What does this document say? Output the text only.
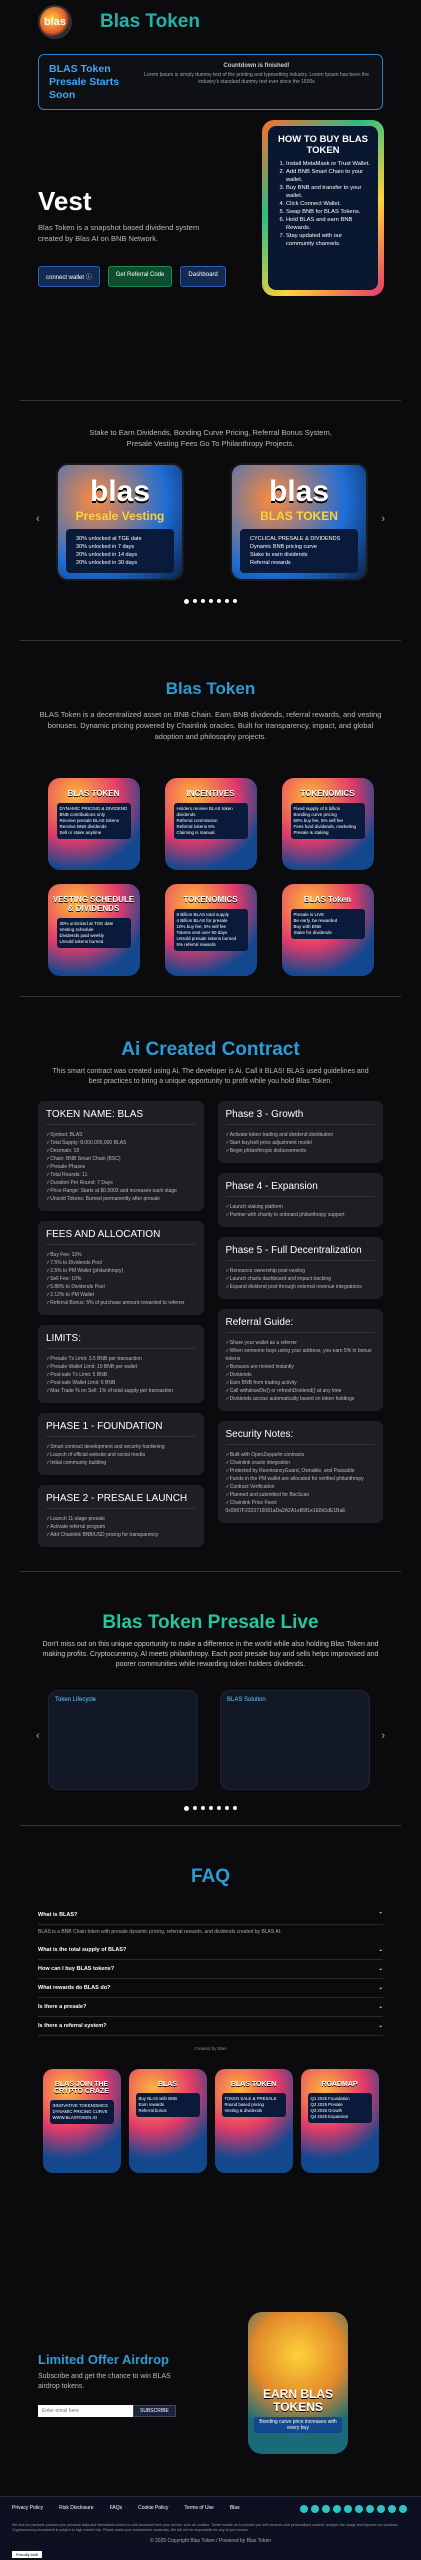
blas	Blas Token
BLAS Token Presale Starts Soon
Countdown is finished!
Lorem Ipsum is simply dummy text of the printing and typesetting industry. Lorem Ipsum has been the industry's standard dummy text ever since the 1500s
Vest
Blas Token is a snapshot based dividend system created by Blas AI on BNB Network.
connect wallet ⓘ	Get Referral Code	Dashboard
HOW TO BUY BLAS TOKEN
1. Install MetaMask or Trust Wallet.
2. Add BNB Smart Chain to your wallet.
3. Buy BNB and transfer to your wallet.
4. Click Connect Wallet.
5. Swap BNB for BLAS Tokens.
6. Hold BLAS and earn BNB Rewards.
7. Stay updated with our community channels.
Stake to Earn Dividends, Bonding Curve Pricing, Referral Bonus System, Presale Vesting Fees Go To Philanthropy Projects.
‹
blas
Presale Vesting
30% unlocked at TGE date
30% unlocked in 7 days
20% unlocked in 14 days
20% unlocked in 30 days
blas
BLAS TOKEN
CYCLICAL PRESALE & DIVIDENDS
Dynamic BNB pricing curve
Stake to earn dividends
Referral rewards
›
Blas Token
BLAS Token is a decentralized asset on BNB Chain. Earn BNB dividends, referral rewards, and vesting bonuses. Dynamic pricing powered by Chainlink oracles. Built for transparency, impact, and global adoption and philosophy projects.
BLAS TOKEN
DYNAMIC PRICING & DIVIDEND
BNB contributions only
Receive presale BLAS tokens
Receive BNB dividends
Sell or stake anytime
INCENTIVES
Holders receive BLAS token dividends
Referral commission
Referral tokens 5%
Claiming is manual
TOKENOMICS
Fixed supply of 8 billion
Bonding curve pricing
50% buy fee, 5% sell fee
Fees fund dividends, marketing
Presale & staking
VESTING SCHEDULE & DIVIDENDS
30% unlocked at TGE date
Vesting schedule
Dividends paid weekly
Unsold tokens burned
TOKENOMICS
8 Billion BLAS total supply
4 Billion BLAS for presale
10% buy fee, 5% sell fee
Tokens vest over 90 days
Unsold presale tokens burned
5% referral rewards
BLAS Token
Presale is LIVE
Be early, be rewarded
Buy with BNB
Stake for dividends
Ai Created Contract
This smart contract was created using Ai. The developer is Ai. Call it BLAS! BLAS used guidelines and best practices to bring a unique opportunity to profit while you hold Blas Token.
TOKEN NAME: BLAS
✓ Symbol: BLAS
✓ Total Supply: 8,000,000,000 BLAS
✓ Decimals: 18
✓ Chain: BNB Smart Chain (BSC)
✓ Presale Phases
✓ Total Rounds: 11
✓ Duration Per Round: 7 Days
✓ Price Range: Starts at $0.0003 and increases each stage
✓ Unsold Tokens: Burned permanently after presale
FEES AND ALLOCATION
✓ Buy Fee: 10%
✓ 7.5% to Dividends Pool
✓ 2.5% to PM Wallet (philanthropy)
✓ Sell Fee: 10%
✓ 5.88% to Dividends Pool
✓ 2.12% to PM Wallet
✓ Referral Bonus: 5% of purchase amount rewarded to referrer
LIMITS:
✓ Presale Tx Limit: 3.5 BNB per transaction
✓ Presale Wallet Limit: 10 BNB per wallet
✓ Post-sale Tx Limit: 5 BNB
✓ Post-sale Wallet Limit: 6 BNB
✓ Max Trade % on Sell: 1% of total supply per transaction
PHASE 1 - FOUNDATION
✓ Smart contract development and security hardening
✓ Launch of official website and social media
✓ Initial community building
PHASE 2 - PRESALE LAUNCH
✓ Launch 11-stage presale
✓ Activate referral program
✓ Add Chainlink BNB/USD pricing for transparency
Phase 3 - Growth
✓ Activate token trading and dividend distribution
✓ Start buy/sell price adjustment model
✓ Begin philanthropic disbursements
Phase 4 - Expansion
✓ Launch staking platform
✓ Partner with charity to onboard philanthropy support
Phase 5 - Full Decentralization
✓ Renounce ownership post-vesting
✓ Launch charts dashboard and impact tracking
✓ Expand dividend pool through external revenue integrations
Referral Guide:
✓ Share your wallet as a referrer
✓ When someone buys using your address, you earn 5% in bonus tokens
✓ Bonuses are minted instantly
✓ Dividends
✓ Earn BNB from trading activity
✓ Call withdrawDiv() or refreshDividend() at any time
✓ Dividends accrue automatically based on token holdings
Security Notes:
✓ Built with OpenZeppelin contracts
✓ Chainlink oracle integration
✓ Protected by ReentrancyGuard, Ownable, and Pausable
✓ Funds in the PM wallet are allocated for verified philanthropy
✓ Contract Verification
✓ Planned and submitted for BscScan
✓ Chainlink Price Feed: 0x0567F2323716081aDa2A2A1eB9f1e1E8d1dE1BaE
Blas Token Presale Live
Don't miss out on this unique opportunity to make a difference in the world while also holding Blas Token and making profits. Cryptocurrency, AI meets philanthropy. Each post presale buy and sells helps improvised and poorer communities while rewarding token holders dividends.
‹
Token Lifecycle	BLAS Solution
›
FAQ
What is BLAS?	⌃
BLAS is a BNB Chain token with presale dynamic pricing, referral rewards, and dividends created by BLAS AI.
What is the total supply of BLAS?	⌄
How can I buy BLAS tokens?	⌄
What rewards do BLAS do?	⌄
Is there a presale?	⌄
Is there a referral system?	⌄
Created by Blas
BLAS JOIN THE CRYPTO CRAZE
INNOVATIVE TOKENOMICS
DYNAMIC PRICING CURVE
WWW.BLASTOKEN.IO
BLAS
Buy BLAS with BNB
Earn rewards
Referral bonus
BLAS TOKEN
TOKEN SALE & PRESALE
Round based pricing
Vesting & dividends
ROADMAP
Q1 2025 Foundation
Q2 2025 Presale
Q3 2025 Growth
Q4 2025 Expansion
Limited Offer Airdrop
Subscribe and get the chance to win BLAS airdrop tokens.
Enter email here
SUBSCRIBE
EARN BLAS TOKENS
Bonding curve price increases with every buy
Privacy Policy	Risk Disclosure	FAQs	Cookie Policy	Terms of Use	Blas
We and our partners process your personal data and information stored on and accessed from your device, such as cookies. These enable us to provide you with services and personalised content, analyse site usage and improve our products. Cryptocurrency investment is subject to high market risk. Please make your investments cautiously. We will not be responsible for any of your losses.
© 2025 Copyright Blas Token / Powered by Blas Token
Proudly built
